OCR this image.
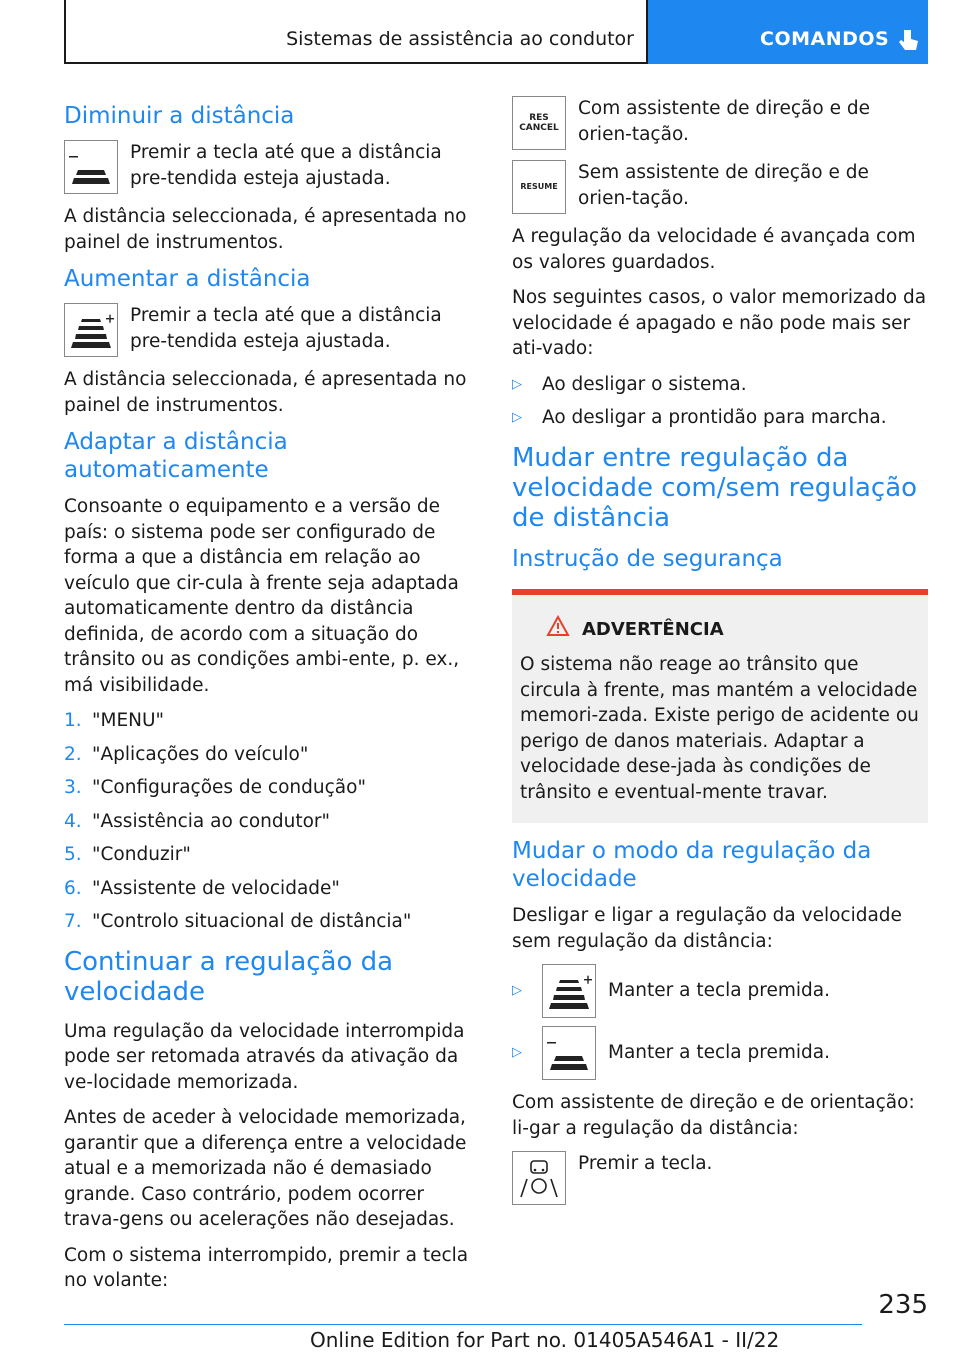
Sistemas de assistência ao condutor	COMANDOS
Diminuir a distância
Premir a tecla até que a distância pre-tendida esteja ajustada.

A distância seleccionada, é apresentada no painel de instrumentos.

Aumentar a distância
Premir a tecla até que a distância pre-tendida esteja ajustada.

A distância seleccionada, é apresentada no painel de instrumentos.

Adaptar a distância automaticamente

Consoante o equipamento e a versão de país: o sistema pode ser configurado de forma a que a distância em relação ao veículo que cir-cula à frente seja adaptada automaticamente dentro da distância definida, de acordo com a situação do trânsito ou as condições ambi-ente, p. ex., má visibilidade.

1. "MENU"
2. "Aplicações do veículo"
3. "Configurações de condução"
4. "Assistência ao condutor"
5. "Conduzir"
6. "Assistente de velocidade"
7. "Controlo situacional de distância"
Continuar a regulação da velocidade

Uma regulação da velocidade interrompida pode ser retomada através da ativação da ve-locidade memorizada.

Antes de aceder à velocidade memorizada, garantir que a diferença entre a velocidade atual e a memorizada não é demasiado grande. Caso contrário, podem ocorrer trava-gens ou acelerações não desejadas.

Com o sistema interrompido, premir a tecla no volante:

RES
CANCEL
Com assistente de direção e de orien-tação.
RESUME
Sem assistente de direção e de orien-tação.

A regulação da velocidade é avançada com os valores guardados.

Nos seguintes casos, o valor memorizado da velocidade é apagado e não pode mais ser ati-vado:

▷	Ao desligar o sistema.
▷	Ao desligar a prontidão para marcha.
Mudar entre regulação da velocidade com/sem regulação de distância
Instrução de segurança
ADVERTÊNCIA
O sistema não reage ao trânsito que circula à frente, mas mantém a velocidade memori-zada. Existe perigo de acidente ou perigo de danos materiais. Adaptar a velocidade dese-jada às condições de trânsito e eventual-mente travar.
Mudar o modo da regulação da velocidade

Desligar e ligar a regulação da velocidade sem regulação da distância:

▷	Manter a tecla premida.
▷	Manter a tecla premida.

Com assistente de direção e de orientação: li-gar a regulação da distância:

Premir a tecla.
235
Online Edition for Part no. 01405A546A1 - II/22
